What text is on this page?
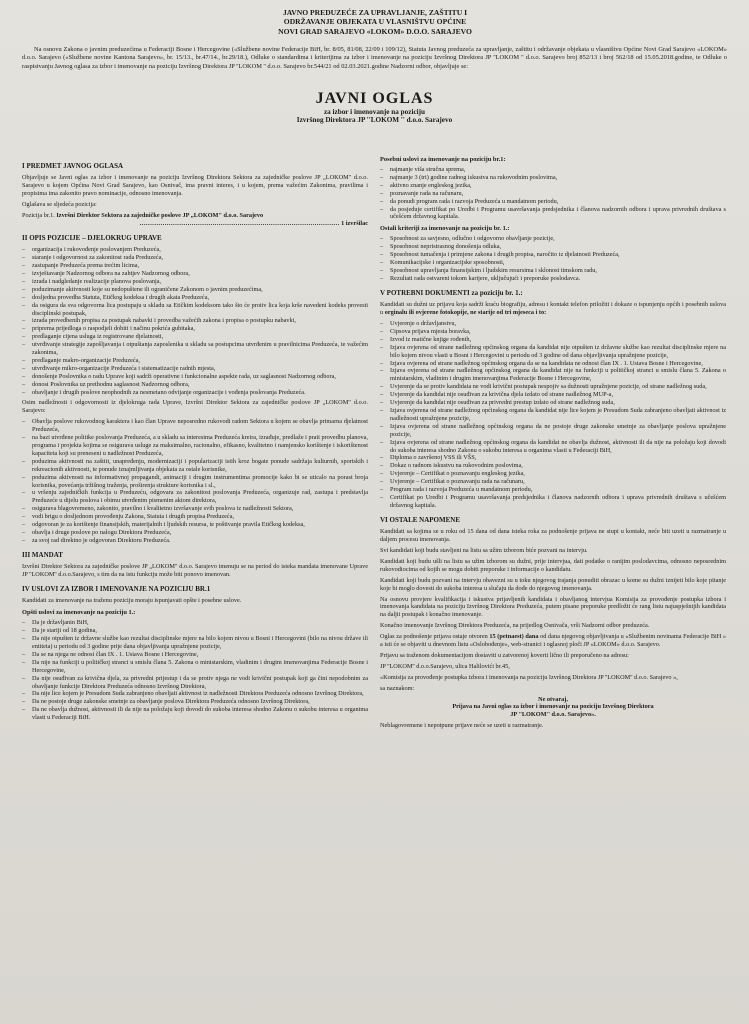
JAVNO PREDUZEĆE ZA UPRAVLJANJE, ZAŠTITU I
ODRŽAVANJE OBJEKATA U VLASNIŠTVU OPĆINE
NOVI GRAD SARAJEVO «LOKOM» D.O.O. SARAJEVO

Na osnovu Zakona o javnim preduzećima u Federaciji Bosne i Hercegovine («Službene novine Federacije BiH, br. 8/05, 81/08, 22/09 i 109/12), Statuta Javnog preduzeća za upravljanje, zaštitu i održavanje objekata u vlasništvu Općine Novi Grad Sarajevo «LOKOM» d.o.o. Sarajevo («Službene novine Kantona Sarajevo», br. 15/13., br.47/14., br.29/18.), Odluke o standardima i kriterijima za izbor i imenovanje na poziciju Izvršnog Direktora JP ''LOKOM '' d.o.o. Sarajevo broj 852/13 i broj 562/18 od 15.05.2018.godine, te Odluke o raspisivanju Javnog oglasa za izbor i imenovanje na poziciju Izvršnog Direktora JP ''LOKOM '' d.o.o. Sarajevo br.544/21 od 02.03.2021.godine Nadzorni odbor, objavljuje se:

JAVNI OGLAS
za izbor i imenovanje na poziciju
Izvršnog Direktora JP ''LOKOM '' d.o.o. Sarajevo
I PREDMET JAVNOG OGLASA

Objavljuje se Javni oglas za izbor i imenovanje na poziciju Izvršnog Direktora Sektora za zajedničke poslove JP „LOKOM" d.o.o. Sarajevo u kojem Općina Novi Grad Sarajevo, kao Osnivač, ima pravni interes, i u kojem, prema važećim Zakonima, pravilima i propisima ima zakonito pravo nominacije, odnosno imenovanja.

Oglašava se sljedeća pozicija:

Pozicija br.1. Izvršni Direktor Sektora za zajedničke poslove JP „LOKOM" d.o.o. Sarajevo

…………………………………………………………………………………… 1 izvršilac

II OPIS POZICIJE – DJELOKRUG UPRAVE
– organizacija i rukovođenje poslovanjem Preduzeća,
– staranje i odgovornost za zakonitost rada Preduzeća,
– zastupanje Preduzeća prema trećim licima,
– izvještavanje Nadzornog odbora na zahtjev Nadzornog odbora,
– izrada i nadgledanje realizacije planova poslovanja,
– poduzimanje aktivnosti koje su nedopuštene ili ograničene Zakonom o javnim preduzećima,
– dosljedna provedba Statuta, Etičkog kodeksa i drugih akata Preduzeća,
– da osigura da sva odgovorna lica postupaju u skladu sa Etičkim kodeksom tako što će protiv lica koja krše navedeni kodeks provesti disciplinski postupak,
– izrada provedbenih propisa za postupak nabavki i provedba važećih zakona i propisa o postupku nabavki,
– priprema prijedloga o raspodjeli dobiti i načinu pokrića gubitaka,
– predlaganje cijena usluga iz registrovane djelatnosti,
– utvrđivanje strategije zapošljavanja i otpuštanja zaposlenika u skladu sa postupcima utvrđenim u pravilnicima Preduzeća, te važećim zakonima,
– predlaganje makro-organizacije Preduzeća,
– utvrđivanje mikro-organizacije Preduzeća i sistematizacije radnih mjesta,
– donošenje Poslovnika o radu Uprave koji sadrži operativne i funkcionalne aspekte rada, uz saglasnost Nadzornog odbora,
– donosi Poslovnika uz prethodnu saglasnost Nadzornog odbora,
– obavljanje i drugih poslove neophodnih za nesmetano odvijanje organizacije i vođenja poslovanja Preduzeća.

Osim nadležnosti i odgovornosti iz djelokruga rada Uprave, Izvršni Direktor Sektora za zajedničke poslove JP „LOKOM" d.o.o. Sarajevo:

– Obavlja poslove rukovodnog karaktera i kao član Uprave neposredno rukovodi radom Sektora u kojem se obavlja primarna djelatnost Preduzeća,
– na bazi utvrđene politike poslovanja Preduzeća, a u skladu sa interesima Preduzeća kreira, izrađuje, predlaže i prati provedbu planova, programa i projekta kojima se osigurava usluge za maksimalno, racionalno, efikasno, kvalitetno i namjensko korištenje i iskorištenost kapaciteta koji su preneseni u nadležnost Preduzeća,
– poduzima aktivnosti na zaštiti, unapređenju, modernizaciji i popularizaciji istih kroz bogate ponude sadržaja kulturnih, sportskih i rekreacionih aktivnosti, te ponude iznajmljivanja objekata za ostale korisnike,
– poduzima aktivnosti na informativnoj propagandi, animaciji i drugim instrumentima promocije kako bi se uticalo na porast broja korisnika, povećanja tržišnog traženja, proširenja strukture korisnika i sl.,
– u vršenju zajedničkih funkcija u Preduzeću, odgovara za zakonitost poslovanja Preduzeća, organizuje rad, zastupa i predstavlja Preduzeće u dijelu poslova i obimu utvrđenim pismenim aktom direktora,
– osigurava blagovremeno, zakonito, pravilno i kvalitetno izvršavanje svih poslova iz nadležnosti Sektora,
– vodi brigu o dosljednom provođenju Zakona, Statuta i drugih propisa Preduzeća,
– odgovoran je za korištenje finansijskih, materijalnih i ljudskih resursa, te poštivanje pravila Etičkog kodeksa,
– obavlja i druge poslove po nalogu Direktora Preduzeća,
– za svoj rad direktno je odgovoran Direktoru Preduzeća.
III MANDAT

Izvršni Direktor Sektora za zajedničke poslove JP „LOKOM" d.o.o. Sarajevo imenuju se na period do isteka mandata imenovane Uprave JP ''LOKOM'' d.o.o.Sarajevo, s tim da na istu funkciju može biti ponovo imenovan.

IV USLOVI ZA IZBOR I IMENOVANJE NA POZICIJU BR.1

Kandidati za imenovanje na traženu poziciju moraju ispunjavati opšte i posebne uslove.

Opšti uslovi za imenovanje na poziciju 1.:
– Da je državljanin BiH,
– Da je stariji od 18 godina,
– Da nije otpušten iz državne službe kao rezultat disciplinske mjere na bilo kojem nivou u Bosni i Hercegovini (bilo na nivou države ili entiteta) u periodu od 3 godine prije dana objavljivanja upražnjene pozicije,
– Da se na njega ne odnosi član IX . 1. Ustava Bosne i Hercegovine,
– Da nije na funkciji u političkoj stranci u smislu člana 5. Zakona o ministarskim, vladinim i drugim imenovanjima Federacije Bosne i Hercegovine,
– Da nije osuđivan za krivična djela, za privredni prijestup i da se protiv njega ne vodi krivični postupak koji ga čini nepodobnim za obavljanje funkcije Direktora Preduzeća odnosno Izvršnog Direktora,
– Da nije lice kojem je Presudom Suda zabranjeno obavljati aktivnost iz nadležnosti Direktora Preduzeća odnosno Izvršnog Direktora,
– Da ne postoje druge zakonske smetnje za obavljanje poslova Direktora Preduzeća odnosno Izvršnog Direktora,
– Da ne obavlja dužnost, aktivnosti ili da nije na položaju koji dovodi do sukoba interesa shodno Zakonu o sukobu interesa u organima vlasti u Federaciji BiH.
Posebni uslovi za imenovanje na poziciju br.1:
– najmanje viša stručna sprema,
– najmanje 3 (tri) godine radnog iskustva na rukovodnim poslovima,
– aktivno znanje engleskog jezika,
– poznavanje rada na računaru,
– da ponudi program rada i razvoja Preduzeća u mandatnom periodu,
– da posjeduje certifikat po Uredbi i Programu usavršavanja predsjednika i članova nadzornih odbora i uprava privrednih društava s učešćem državnog kapitala.
Ostali kriteriji za imenovanje na poziciju br. 1.:
– Sposobnost za savjesno, odlučno i odgovorno obavljanje pozicije,
– Sposobnost nepristrasnog donošenja odluka,
– Sposobnost tumačenja i primjene zakona i drugih propisa, naročito iz djelatnosti Preduzeća,
– Komunikacijske i organizacijske sposobnosti,
– Sposobnost upravljanja finansijskim i ljudskim resursima i sklonost timskom radu,
– Rezultati rada ostvareni tokom karijere, uključujući i preporuke poslodavca.
V POTREBNI DOKUMENTI za poziciju br. 1.:

Kandidati su dužni uz prijavu koja sadrži kraću biografiju, adresu i kontakt telefon priložiti i dokaze o ispunjenju općih i posebnih uslova u orginalu ili ovjerene fotokopije, ne starije od tri mjeseca i to:

– Uvjerenje o državljanstvu,
– Cipsova prijava mjesta boravka,
– Izvod iz matične knjige rođenih,
– Izjava ovjerena od strane nadležnog općinskog organa da kandidat nije otpušten iz državne službe kao rezultat disciplinske mjere na bilo kojem nivou vlasti u Bosni i Hercegovini u periodu od 3 godine od dana objavljivanja upražnjene pozicije,
– Izjava ovjerena od strane nadležnog općinskog organa da se na kandidata ne odnosi član IX . 1. Ustava Bosne i Hercegovine,
– Izjava ovjerena od strane nadležnog općinskog organa da kandidat nije na funkciji u političkoj stranci u smislu člana 5. Zakona o ministarskim, vladinim i drugim imenovanjima Federacije Bosne i Hercegovine,
– Uvjerenje da se protiv kandidata ne vodi krivični postupak nespojiv sa dužnosti upražnjene pozicije, od strane nadležnog suda,
– Uvjerenje da kandidat nije osuđivan za krivična djela izdato od strane nadležnog MUP-a,
– Uvjerenje da kandidat nije osuđivan za privredni prestup izdato od strane nadležnog suda,
– Izjava ovjerena od strane nadležnog općinskog organa da kandidat nije lice kojem je Presudom Suda zabranjeno obavljati aktivnost iz nadležnosti upražnjene pozicije,
– Izjava ovjerena od strane nadležnog općinskog organa da ne postoje druge zakonske smetnje za obavljanje poslova upražnjene pozicije,
– Izjava ovjerena od strane nadležnog općinskog organa da kandidat ne obavlja dužnost, aktivnosti ili da nije na položaju koji dovodi do sukoba interesa shodno Zakonu o sukobu interesa u organima vlasti u Federaciji BiH,
– Diploma o završenoj VSS ili VŠS,
– Dokaz o radnom iskustvu na rukovodnim poslovima,
– Uvjerenje – Certifikat o poznavanju engleskog jezika,
– Uvjerenje – Certifikat o poznavanju rada na računaru,
– Program rada i razvoja Preduzeća u mandatnom periodu,
– Certifikat po Uredbi i Programu usavršavanja predsjednika i članova nadzornih odbora i uprava privrednih društava s učešćem državnog kapitala.
VI OSTALE NAPOMENE

Kandidati sa kojima se u roku od 15 dana od dana isteka roka za podnošenje prijava ne stupi u kontakt, neće biti uzeti u razmatranje u daljem procesu imenovanja.

Svi kandidati koji budu stavljeni na listu sa užim izborom biće pozvani na intervju.

Kandidati koji budu ušli na listu sa užim izborom su dužni, prije intervjua, dati podatke o ranijim poslodavcima, odnosno neposrednim rukovodiocima od kojih se mogu dobiti preporuke i informacije o kandidatu.

Kandidati koji budu pozvani na intervju obavezni su u toku njegovog trajanja ponuditi obrazac u kome su dužni iznijeti bilo koje pitanje koje bi moglo dovesti do sukoba interesa u slučaju da dođe do njegovog imenovanja.

Na osnovu provjere kvalifikacija i iskustva prijavljenih kandidata i obavljanog intervjua Komisija za provođenje postupka izbora i imenovanja kandidata na poziciju Izvršnog Direktora Preduzeća, putem pisane preporuke predložit će rang listu najuspješnijih kandidata na daljii postupak i konačno imenovanje.

Konačno imenovanje Izvršnog Direktora Preduzeća, na prijedlog Osnivača, vrši Nadzorni odbor preduzeća.

Oglas za podnošenje prijava ostaje otvoren 15 (petnaest) dana od dana njegovog objavljivanja u «Službenim novinama Federacije BiH » a isti će se objaviti u dnevnom listu «Oslobođenje», web-stranici i oglasnoj ploči JP «LOKOM» d.o.o. Sarajevo.

Prijavu sa traženom dokumentacijom dostaviti u zatvorenoj koverti lično ili preporučeno na adresu:

JP ''LOKOM'' d.o.o.Sarajevo, ulica Halilovići br.45,

«Komisija za provođenje postupka izbora i imenovanja na poziciju Izvršnog Direktora JP ''LOKOM'' d.o.o. Sarajevo »,

sa naznakom:

Ne otvaraj,

Prijava na Javni oglas za izbor i imenovanje na poziciju Izvršnog Direktora

JP ''LOKOM'' d.o.o. Sarajevo».

Neblagovremene i nepotpune prijave neće se uzeti u razmatranje.
